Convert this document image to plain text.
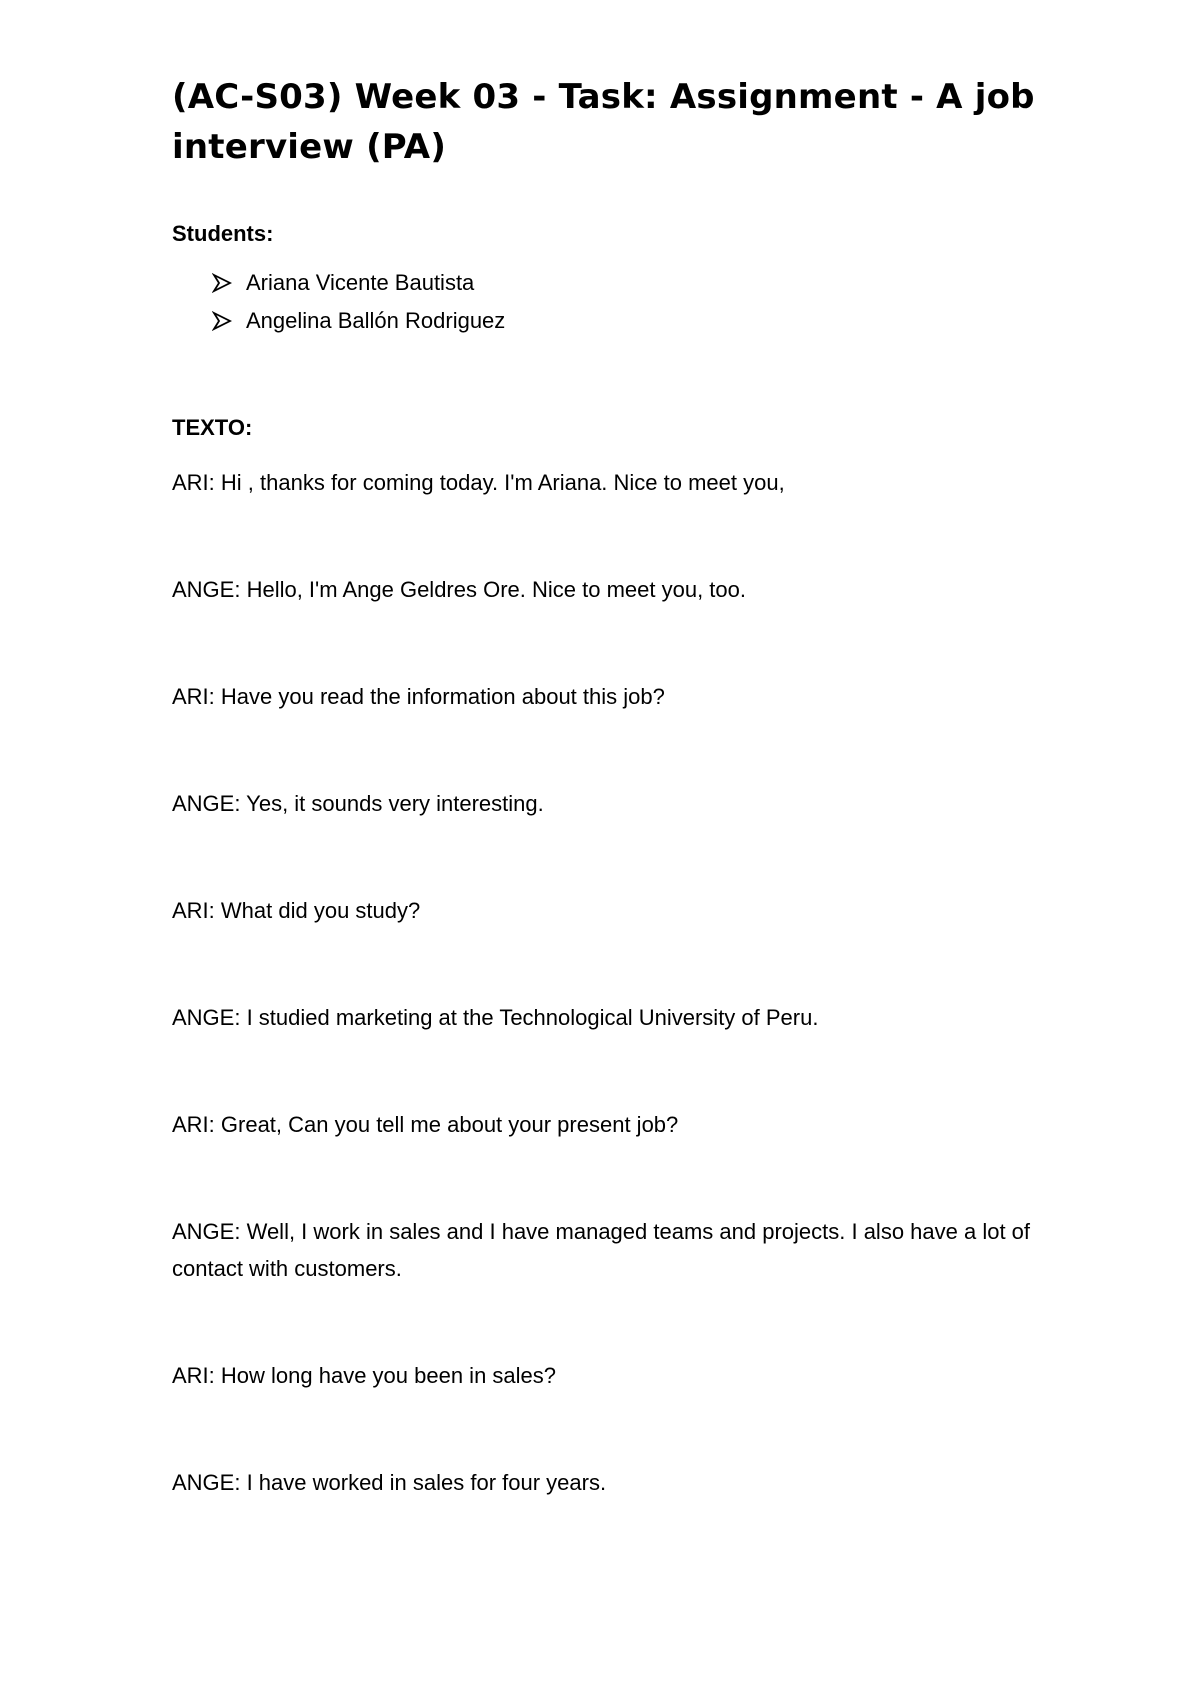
(AC-S03) Week 03 - Task: Assignment - A job interview (PA)
Students:
Ariana Vicente Bautista
Angelina Ballón Rodriguez
TEXTO:

ARI: Hi , thanks for coming today. I'm Ariana. Nice to meet you,

ANGE: Hello, I'm Ange Geldres Ore. Nice to meet you, too.

ARI: Have you read the information about this job?

ANGE: Yes, it sounds very interesting.

ARI: What did you study?

ANGE: I studied marketing at the Technological University of Peru.

ARI: Great, Can you tell me about your present job?

ANGE: Well, I work in sales and I have managed teams and projects. I also have a lot of contact with customers.

ARI: How long have you been in sales?

ANGE: I have worked in sales for four years.
